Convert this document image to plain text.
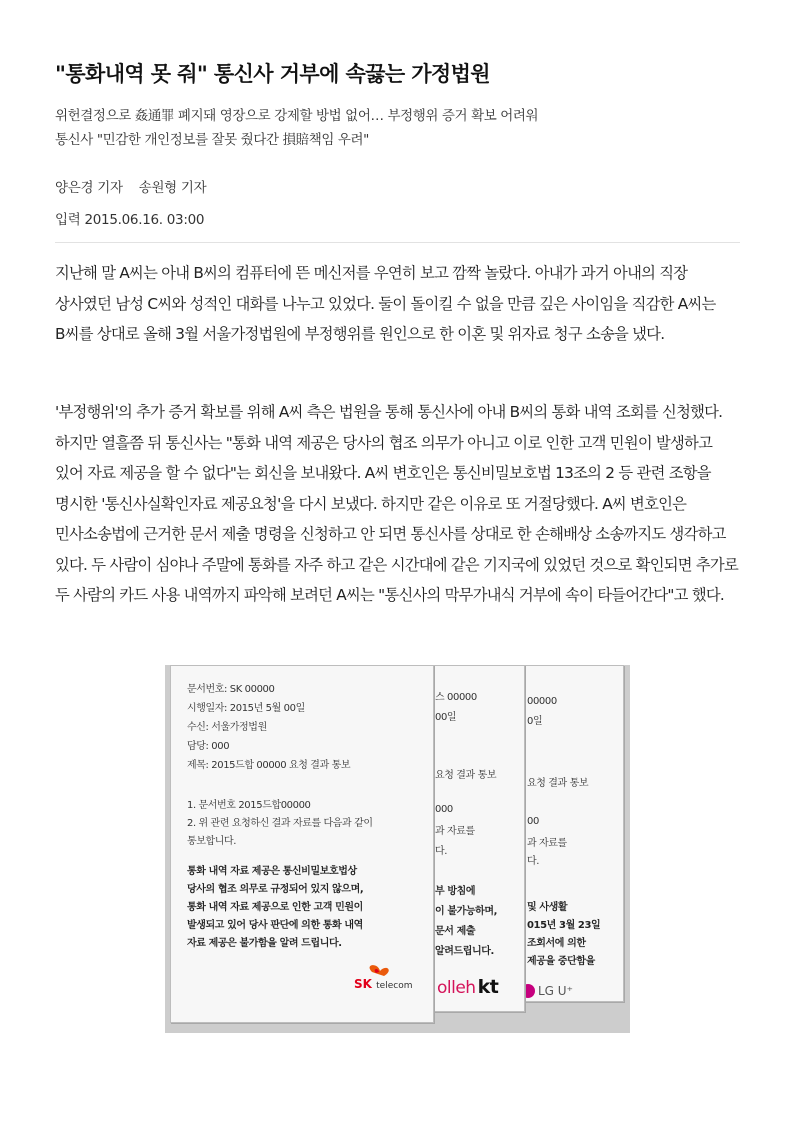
"통화내역 못 줘" 통신사 거부에 속끓는 가정법원
위헌결정으로 姦通罪 폐지돼 영장으로 강제할 방법 없어… 부정행위 증거 확보 어려워
통신사 "민감한 개인정보를 잘못 줬다간 損賠책임 우려"
양은경 기자 송원형 기자
입력 2015.06.16. 03:00

지난해 말 A씨는 아내 B씨의 컴퓨터에 뜬 메신저를 우연히 보고 깜짝 놀랐다. 아내가 과거 아내의 직장 상사였던 남성 C씨와 성적인 대화를 나누고 있었다. 둘이 돌이킬 수 없을 만큼 깊은 사이임을 직감한 A씨는 B씨를 상대로 올해 3월 서울가정법원에 부정행위를 원인으로 한 이혼 및 위자료 청구 소송을 냈다.

'부정행위'의 추가 증거 확보를 위해 A씨 측은 법원을 통해 통신사에 아내 B씨의 통화 내역 조회를 신청했다. 하지만 열흘쯤 뒤 통신사는 "통화 내역 제공은 당사의 협조 의무가 아니고 이로 인한 고객 민원이 발생하고 있어 자료 제공을 할 수 없다"는 회신을 보내왔다. A씨 변호인은 통신비밀보호법 13조의 2 등 관련 조항을 명시한 '통신사실확인자료 제공요청'을 다시 보냈다. 하지만 같은 이유로 또 거절당했다. A씨 변호인은 민사소송법에 근거한 문서 제출 명령을 신청하고 안 되면 통신사를 상대로 한 손해배상 소송까지도 생각하고 있다. 두 사람이 심야나 주말에 통화를 자주 하고 같은 시간대에 같은 기지국에 있었던 것으로 확인되면 추가로 두 사람의 카드 사용 내역까지 파악해 보려던 A씨는 "통신사의 막무가내식 거부에 속이 타들어간다"고 했다.

00000
0일
요청 결과 통보
00
과 자료를
다.
및 사생활
015년 3월 23일
조회서에 의한
제공을 중단함을
LG U⁺
스 00000
00일
요청 결과 통보
000
과 자료를
다.
부 방침에
이 불가능하며,
문서 제출
알려드립니다.
olleh kt
문서번호: SK 00000
시행일자: 2015년 5월 00일
수신: 서울가정법원
담당: 000
제목: 2015드합 00000 요청 결과 통보
1. 문서번호 2015드합00000
2. 위 관련 요청하신 결과 자료를 다음과 같이
통보합니다.
통화 내역 자료 제공은 통신비밀보호법상
당사의 협조 의무로 규정되어 있지 않으며,
통화 내역 자료 제공으로 인한 고객 민원이
발생되고 있어 당사 판단에 의한 통화 내역
자료 제공은 불가함을 알려 드립니다.
SK telecom
